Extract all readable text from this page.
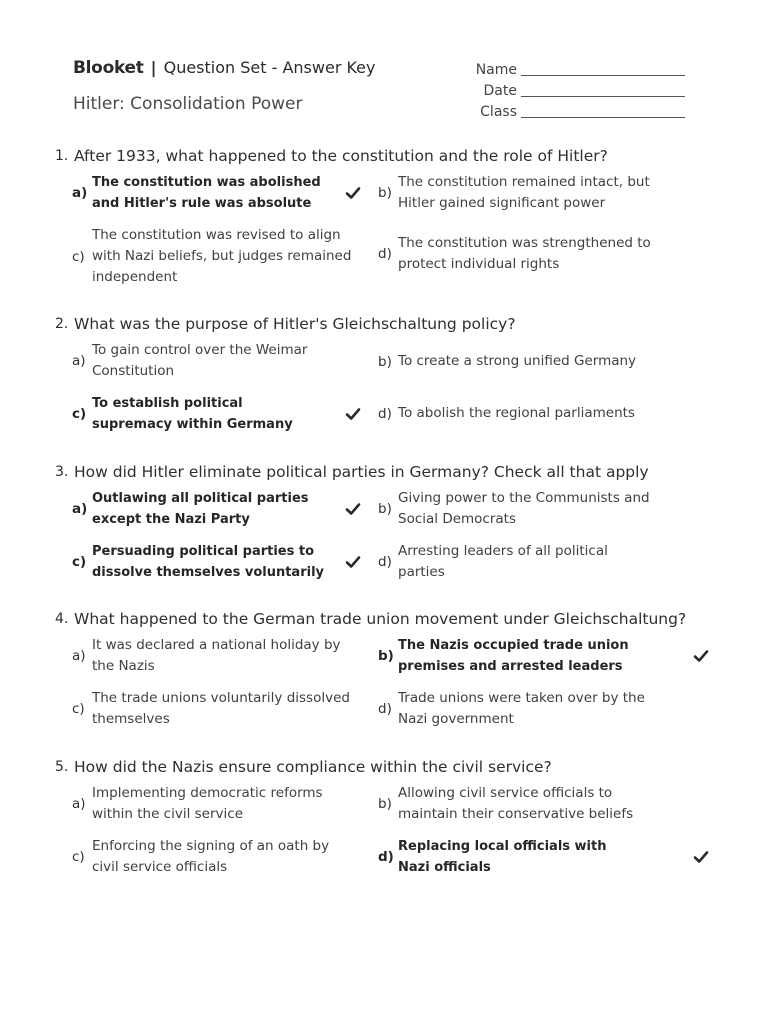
Blooket | Question Set - Answer Key
Hitler: Consolidation Power
Name
Date
Class
1. After 1933, what happened to the constitution and the role of Hitler?
a)
The constitution was abolished and Hitler's rule was absolute
b)
The constitution remained intact, but Hitler gained significant power
c)
The constitution was revised to align with Nazi beliefs, but judges remained independent
d)
The constitution was strengthened to protect individual rights
2. What was the purpose of Hitler's Gleichschaltung policy?
a)
To gain control over the Weimar Constitution
b) To create a strong unified Germany
c)
To establish political supremacy within Germany
d) To abolish the regional parliaments
3. How did Hitler eliminate political parties in Germany? Check all that apply
a)
Outlawing all political parties except the Nazi Party
b)
Giving power to the Communists and Social Democrats
c)
Persuading political parties to dissolve themselves voluntarily
d)
Arresting leaders of all political parties
4. What happened to the German trade union movement under Gleichschaltung?
a)
It was declared a national holiday by the Nazis
b)
The Nazis occupied trade union premises and arrested leaders
c)
The trade unions voluntarily dissolved themselves
d)
Trade unions were taken over by the Nazi government
5. How did the Nazis ensure compliance within the civil service?
a)
Implementing democratic reforms within the civil service
b)
Allowing civil service officials to maintain their conservative beliefs
c)
Enforcing the signing of an oath by civil service officials
d)
Replacing local officials with Nazi officials
